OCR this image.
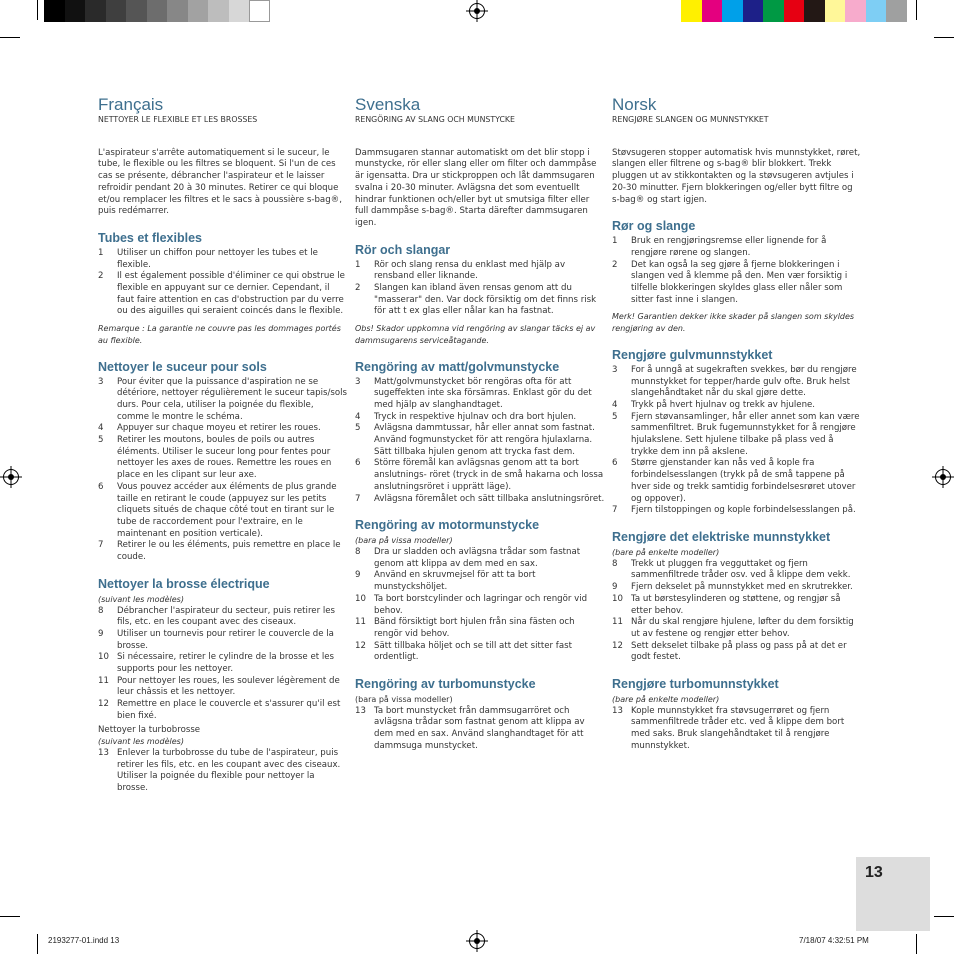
Français
NETTOYER LE FLEXIBLE ET LES BROSSES

L'aspirateur s'arrête automatiquement si le suceur, le tube, le flexible ou les filtres se bloquent. Si l'un de ces cas se présente, débrancher l'aspirateur et le laisser refroidir pendant 20 à 30 minutes. Retirer ce qui bloque et/ou remplacer les filtres et le sacs à poussière s-bag®, puis redémarrer.

Tubes et flexibles
1	Utiliser un chiffon pour nettoyer les tubes et le flexible.
2	Il est également possible d'éliminer ce qui obstrue le flexible en appuyant sur ce dernier. Cependant, il faut faire attention en cas d'obstruction par du verre ou des aiguilles qui seraient coincés dans le flexible.

Remarque : La garantie ne couvre pas les dommages portés au flexible.

Nettoyer le suceur pour sols
3	Pour éviter que la puissance d'aspiration ne se détériore, nettoyer régulièrement le suceur tapis/sols durs. Pour cela, utiliser la poignée du flexible, comme le montre le schéma.
4	Appuyer sur chaque moyeu et retirer les roues.
5	Retirer les moutons, boules de poils ou autres éléments. Utiliser le suceur long pour fentes pour nettoyer les axes de roues. Remettre les roues en place en les clipant sur leur axe.
6	Vous pouvez accéder aux éléments de plus grande taille en retirant le coude (appuyez sur les petits cliquets situés de chaque côté tout en tirant sur le tube de raccordement pour l'extraire, en le maintenant en position verticale).
7	Retirer le ou les éléments, puis remettre en place le coude.
Nettoyer la brosse électrique

(suivant les modèles)

8	Débrancher l'aspirateur du secteur, puis retirer les fils, etc. en les coupant avec des ciseaux.
9	Utiliser un tournevis pour retirer le couvercle de la brosse.
10 Si nécessaire, retirer le cylindre de la brosse et les supports pour les nettoyer.
11 Pour nettoyer les roues, les soulever légèrement de leur châssis et les nettoyer.
12 Remettre en place le couvercle et s'assurer qu'il est bien fixé.

Nettoyer la turbobrosse

(suivant les modèles)

13 Enlever la turbobrosse du tube de l'aspirateur, puis retirer les fils, etc. en les coupant avec des ciseaux. Utiliser la poignée du flexible pour nettoyer la brosse.
Svenska
RENGÖRING AV SLANG OCH MUNSTYCKE

Dammsugaren stannar automatiskt om det blir stopp i munstycke, rör eller slang eller om filter och dammpåse är igensatta. Dra ur stickproppen och låt dammsugaren svalna i 20-30 minuter. Avlägsna det som eventuellt hindrar funktionen och/eller byt ut smutsiga filter eller full dammpåse s-bag®. Starta därefter dammsugaren igen.

Rör och slangar
1	Rör och slang rensa du enklast med hjälp av rensband eller liknande.
2	Slangen kan ibland även rensas genom att du "masserar" den. Var dock försiktig om det finns risk för att t ex glas eller nålar kan ha fastnat.

Obs! Skador uppkomna vid rengöring av slangar täcks ej av dammsugarens serviceåtagande.

Rengöring av matt/golvmunstycke
3	Matt/golvmunstycket bör rengöras ofta för att sugeffekten inte ska försämras. Enklast gör du det med hjälp av slanghandtaget.
4	Tryck in respektive hjulnav och dra bort hjulen.
5	Avlägsna dammtussar, hår eller annat som fastnat. Använd fogmunstycket för att rengöra hjulaxlarna. Sätt tillbaka hjulen genom att trycka fast dem.
6	Större föremål kan avlägsnas genom att ta bort anslutnings- röret (tryck in de små hakarna och lossa anslutningsröret i upprätt läge).
7	Avlägsna föremålet och sätt tillbaka anslutningsröret.
Rengöring av motormunstycke

(bara på vissa modeller)

8	Dra ur sladden och avlägsna trådar som fastnat genom att klippa av dem med en sax.
9	Använd en skruvmejsel för att ta bort munstyckshöljet.
10 Ta bort borstcylinder och lagringar och rengör vid behov.
11 Bänd försiktigt bort hjulen från sina fästen och rengör vid behov.
12 Sätt tillbaka höljet och se till att det sitter fast ordentligt.
Rengöring av turbomunstycke

(bara på vissa modeller)

13 Ta bort munstycket från dammsugarröret och avlägsna trådar som fastnat genom att klippa av dem med en sax. Använd slanghandtaget för att dammsuga munstycket.
Norsk
RENGJØRE SLANGEN OG MUNNSTYKKET

Støvsugeren stopper automatisk hvis munnstykket, røret, slangen eller filtrene og s-bag® blir blokkert. Trekk pluggen ut av stikkontakten og la støvsugeren avtjules i 20-30 minutter. Fjern blokkeringen og/eller bytt filtre og s-bag® og start igjen.

Rør og slange
1	Bruk en rengjøringsremse eller lignende for å rengjøre rørene og slangen.
2	Det kan også la seg gjøre å fjerne blokkeringen i slangen ved å klemme på den. Men vær forsiktig i tilfelle blokkeringen skyldes glass eller nåler som sitter fast inne i slangen.

Merk! Garantien dekker ikke skader på slangen som skyldes rengjøring av den.

Rengjøre gulvmunnstykket
3	For å unngå at sugekraften svekkes, bør du rengjøre munnstykket for tepper/harde gulv ofte. Bruk helst slangehåndtaket når du skal gjøre dette.
4	Trykk på hvert hjulnav og trekk av hjulene.
5	Fjern støvansamlinger, hår eller annet som kan være sammenfiltret. Bruk fugemunnstykket for å rengjøre hjulakslene. Sett hjulene tilbake på plass ved å trykke dem inn på akslene.
6	Større gjenstander kan nås ved å kople fra forbindelsesslangen (trykk på de små tappene på hver side og trekk samtidig forbindelsesrøret utover og oppover).
7	Fjern tilstoppingen og kople forbindelsesslangen på.
Rengjøre det elektriske munnstykket

(bare på enkelte modeller)

8	Trekk ut pluggen fra vegguttaket og fjern sammenfiltrede tråder osv. ved å klippe dem vekk.
9	Fjern dekselet på munnstykket med en skrutrekker.
10 Ta ut børstesylinderen og støttene, og rengjør så etter behov.
11 Når du skal rengjøre hjulene, løfter du dem forsiktig ut av festene og rengjør etter behov.
12 Sett dekselet tilbake på plass og pass på at det er godt festet.
Rengjøre turbomunnstykket

(bare på enkelte modeller)

13 Kople munnstykket fra støvsugerrøret og fjern sammenfiltrede tråder etc. ved å klippe dem bort med saks. Bruk slangehåndtaket til å rengjøre munnstykket.
13
2193277-01.indd 13	7/18/07 4:32:51 PM
